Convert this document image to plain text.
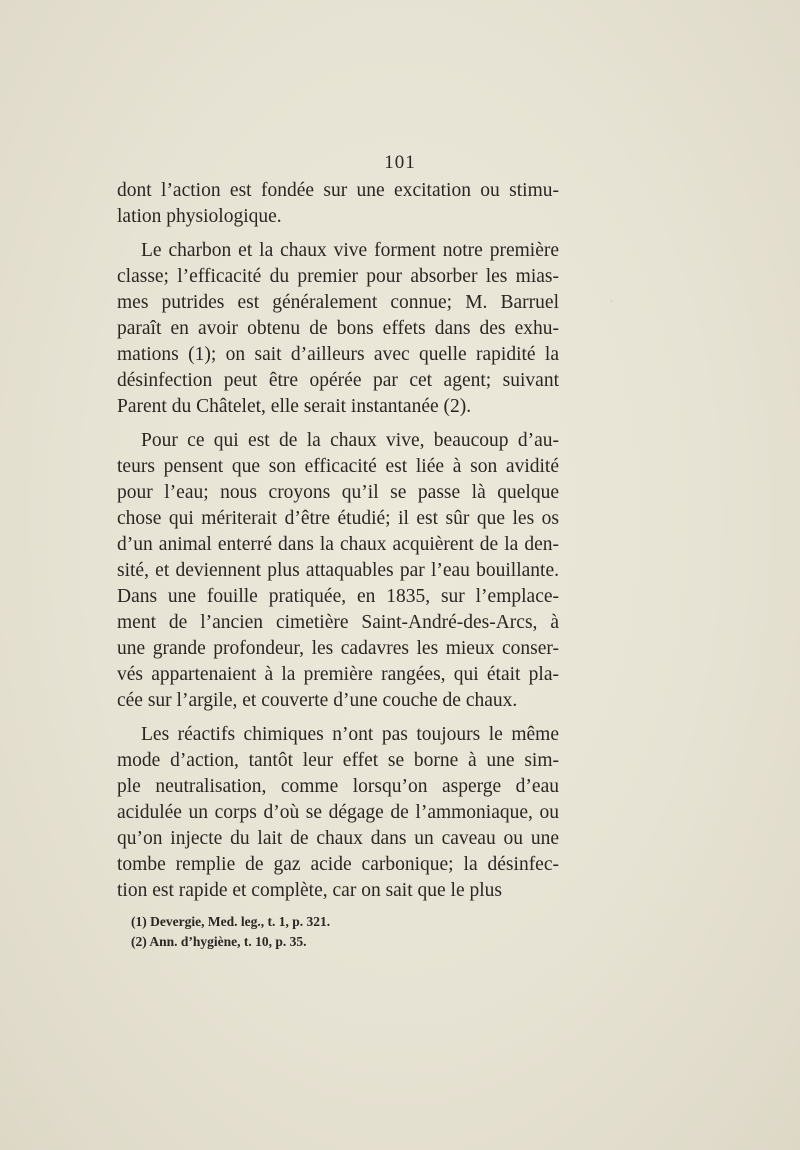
101
dont l’action est fondée sur une excitation ou stimu-
lation physiologique.
Le charbon et la chaux vive forment notre première
classe; l’efficacité du premier pour absorber les mias-
mes putrides est généralement connue; M. Barruel
paraît en avoir obtenu de bons effets dans des exhu-
mations (1); on sait d’ailleurs avec quelle rapidité la
désinfection peut être opérée par cet agent; suivant
Parent du Châtelet, elle serait instantanée (2).
Pour ce qui est de la chaux vive, beaucoup d’au-
teurs pensent que son efficacité est liée à son avidité
pour l’eau; nous croyons qu’il se passe là quelque
chose qui mériterait d’être étudié; il est sûr que les os
d’un animal enterré dans la chaux acquièrent de la den-
sité, et deviennent plus attaquables par l’eau bouillante.
Dans une fouille pratiquée, en 1835, sur l’emplace-
ment de l’ancien cimetière Saint-André-des-Arcs, à
une grande profondeur, les cadavres les mieux conser-
vés appartenaient à la première rangées, qui était pla-
cée sur l’argile, et couverte d’une couche de chaux.
Les réactifs chimiques n’ont pas toujours le même
mode d’action, tantôt leur effet se borne à une sim-
ple neutralisation, comme lorsqu’on asperge d’eau
acidulée un corps d’où se dégage de l’ammoniaque, ou
qu’on injecte du lait de chaux dans un caveau ou une
tombe remplie de gaz acide carbonique; la désinfec-
tion est rapide et complète, car on sait que le plus
(1) Devergie, Med. leg., t. 1, p. 321.
(2) Ann. d’hygiène, t. 10, p. 35.
